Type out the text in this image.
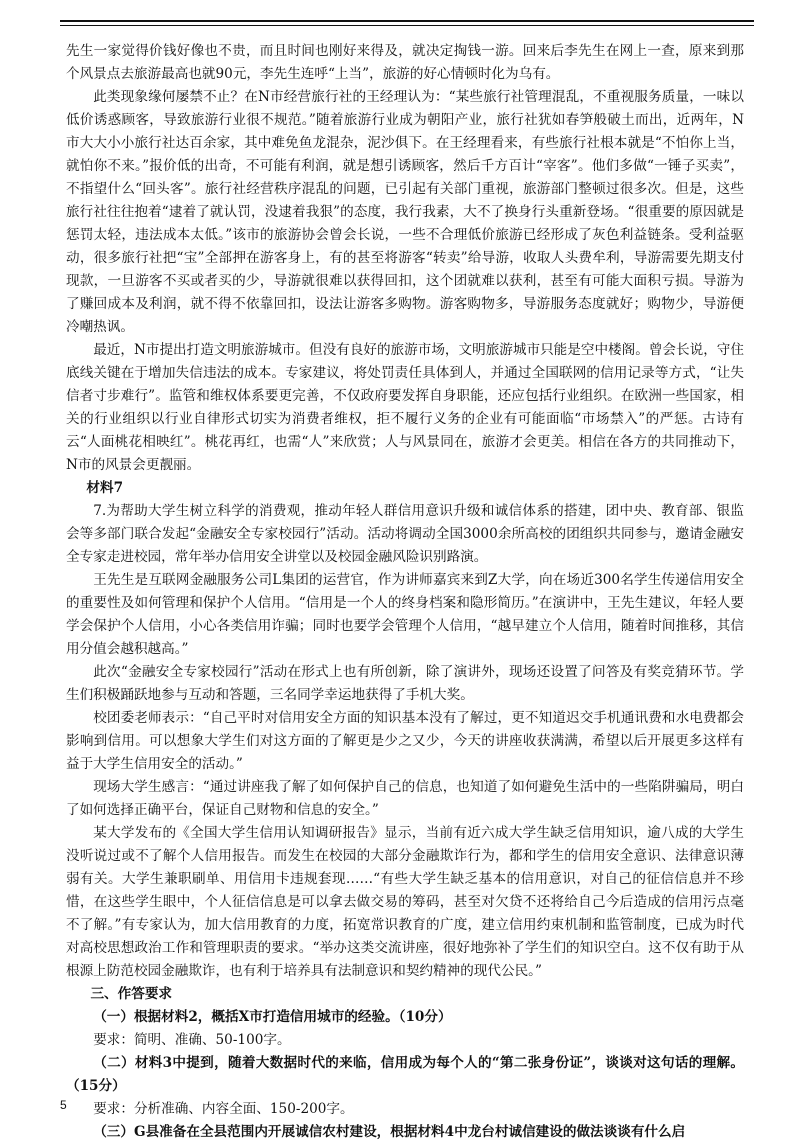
先生一家觉得价钱好像也不贵，而且时间也刚好来得及，就决定掏钱一游。回来后李先生在网上一查，原来到那个风景点去旅游最高也就90元，李先生连呼“上当”，旅游的好心情顿时化为乌有。

此类现象缘何屡禁不止？在N市经营旅行社的王经理认为：“某些旅行社管理混乱，不重视服务质量，一味以低价诱惑顾客，导致旅游行业很不规范。”随着旅游行业成为朝阳产业，旅行社犹如春笋般破土而出，近两年，N市大大小小旅行社达百余家，其中难免鱼龙混杂，泥沙俱下。在王经理看来，有些旅行社根本就是“不怕你上当，就怕你不来。”报价低的出奇，不可能有利润，就是想引诱顾客，然后千方百计“宰客”。他们多做“一锤子买卖”，不指望什么“回头客”。旅行社经营秩序混乱的问题，已引起有关部门重视，旅游部门整顿过很多次。但是，这些旅行社往往抱着“逮着了就认罚，没逮着我狠”的态度，我行我素，大不了换身行头重新登场。“很重要的原因就是惩罚太轻，违法成本太低。”该市的旅游协会曾会长说，一些不合理低价旅游已经形成了灰色利益链条。受利益驱动，很多旅行社把“宝”全部押在游客身上，有的甚至将游客“转卖”给导游，收取人头费牟利，导游需要先期支付现款，一旦游客不买或者买的少，导游就很难以获得回扣，这个团就难以获利，甚至有可能大面积亏损。导游为了赚回成本及利润，就不得不依靠回扣，设法让游客多购物。游客购物多，导游服务态度就好；购物少，导游便冷嘲热讽。

最近，N市提出打造文明旅游城市。但没有良好的旅游市场，文明旅游城市只能是空中楼阁。曾会长说，守住底线关键在于增加失信违法的成本。专家建议，将处罚责任具体到人，并通过全国联网的信用记录等方式，“让失信者寸步难行”。监管和维权体系要更完善，不仅政府要发挥自身职能，还应包括行业组织。在欧洲一些国家，相关的行业组织以行业自律形式切实为消费者维权，拒不履行义务的企业有可能面临“市场禁入”的严惩。古诗有云“人面桃花相映红”。桃花再红，也需“人”来欣赏；人与风景同在，旅游才会更美。相信在各方的共同推动下，N市的风景会更靓丽。

材料7

7.为帮助大学生树立科学的消费观，推动年轻人群信用意识升级和诚信体系的搭建，团中央、教育部、银监会等多部门联合发起“金融安全专家校园行”活动。活动将调动全国3000余所高校的团组织共同参与，邀请金融安全专家走进校园，常年举办信用安全讲堂以及校园金融风险识别路演。

王先生是互联网金融服务公司L集团的运营官，作为讲师嘉宾来到Z大学，向在场近300名学生传递信用安全的重要性及如何管理和保护个人信用。“信用是一个人的终身档案和隐形简历。”在演讲中，王先生建议，年轻人要学会保护个人信用，小心各类信用诈骗；同时也要学会管理个人信用，“越早建立个人信用，随着时间推移，其信用分值会越积越高。”

此次“金融安全专家校园行”活动在形式上也有所创新，除了演讲外，现场还设置了问答及有奖竞猜环节。学生们积极踊跃地参与互动和答题，三名同学幸运地获得了手机大奖。

校团委老师表示：“自己平时对信用安全方面的知识基本没有了解过，更不知道迟交手机通讯费和水电费都会影响到信用。可以想象大学生们对这方面的了解更是少之又少，今天的讲座收获满满，希望以后开展更多这样有益于大学生信用安全的活动。”

现场大学生感言：“通过讲座我了解了如何保护自己的信息，也知道了如何避免生活中的一些陷阱骗局，明白了如何选择正确平台，保证自己财物和信息的安全。”

某大学发布的《全国大学生信用认知调研报告》显示，当前有近六成大学生缺乏信用知识，逾八成的大学生没听说过或不了解个人信用报告。而发生在校园的大部分金融欺诈行为，都和学生的信用安全意识、法律意识薄弱有关。大学生兼职刷单、用信用卡违规套现……“有些大学生缺乏基本的信用意识，对自己的征信信息并不珍惜，在这些学生眼中，个人征信信息是可以拿去做交易的筹码，甚至对欠贷不还将给自己今后造成的信用污点毫不了解。”有专家认为，加大信用教育的力度，拓宽常识教育的广度，建立信用约束机制和监管制度，已成为时代对高校思想政治工作和管理职责的要求。“举办这类交流讲座，很好地弥补了学生们的知识空白。这不仅有助于从根源上防范校园金融欺诈，也有利于培养具有法制意识和契约精神的现代公民。”

三、作答要求

（一）根据材料2，概括X市打造信用城市的经验。（10分）

要求：简明、准确、50-100字。

（二）材料3中提到，随着大数据时代的来临，信用成为每个人的“第二张身份证”，谈谈对这句话的理解。（15分）

要求：分析准确、内容全面、150-200字。

（三）G县准备在全县范围内开展诚信农村建设，根据材料4中龙台村诚信建设的做法谈谈有什么启

5
